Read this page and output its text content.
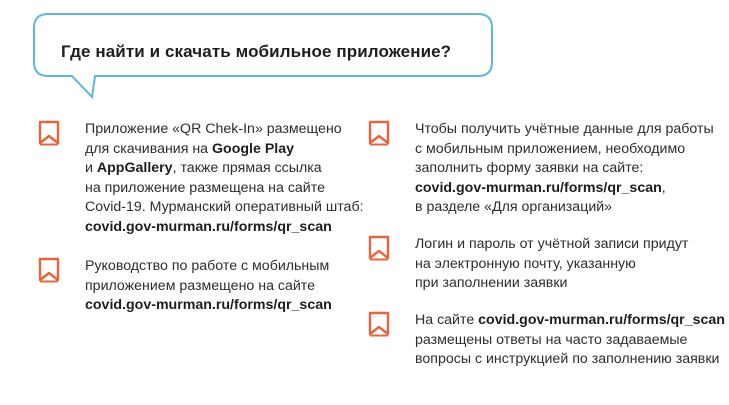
Где найти и скачать мобильное приложение?
Приложение «QR Chek-In» размещено
для скачивания на Google Play
и AppGallery, также прямая ссылка
на приложение размещена на сайте
Covid-19. Мурманский оперативный штаб:
covid.gov-murman.ru/forms/qr_scan
Руководство по работе с мобильным
приложением размещено на сайте
covid.gov-murman.ru/forms/qr_scan
Чтобы получить учётные данные для работы
с мобильным приложением, необходимо
заполнить форму заявки на сайте:
covid.gov-murman.ru/forms/qr_scan,
в разделе «Для организаций»
Логин и пароль от учётной записи придут
на электронную почту, указанную
при заполнении заявки
На сайте covid.gov-murman.ru/forms/qr_scan
размещены ответы на часто задаваемые
вопросы с инструкцией по заполнению заявки
